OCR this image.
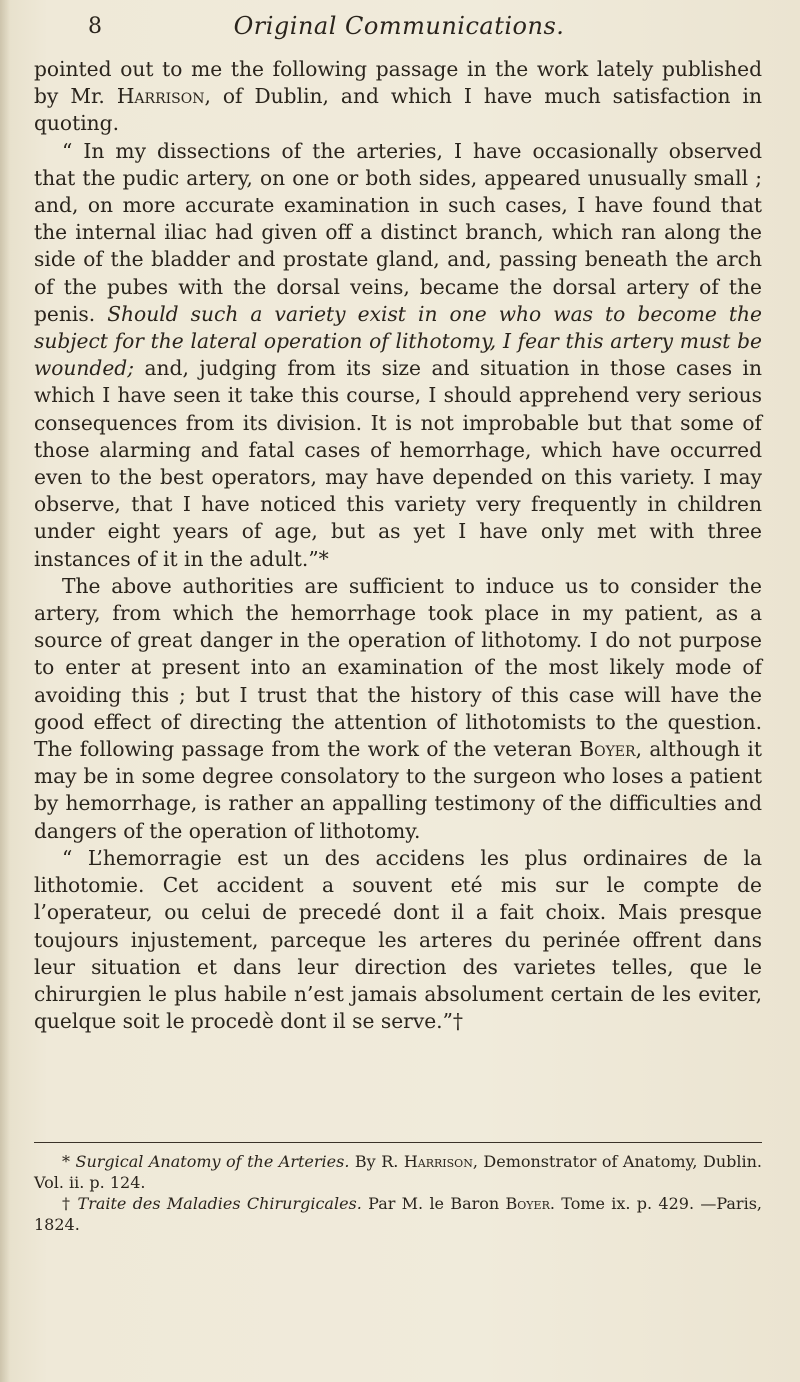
8	Original Communications.

pointed out to me the following passage in the work lately published by Mr. Harrison, of Dublin, and which I have much satisfaction in quoting.

“ In my dissections of the arteries, I have occasionally observed that the pudic artery, on one or both sides, appeared unusually small ; and, on more accurate examination in such cases, I have found that the internal iliac had given off a distinct branch, which ran along the side of the bladder and prostate gland, and, passing beneath the arch of the pubes with the dorsal veins, became the dorsal artery of the penis. Should such a variety exist in one who was to become the subject for the lateral operation of lithotomy, I fear this artery must be wounded; and, judging from its size and situation in those cases in which I have seen it take this course, I should apprehend very serious consequences from its division. It is not improbable but that some of those alarming and fatal cases of hemorrhage, which have occurred even to the best operators, may have depended on this variety. I may observe, that I have noticed this variety very frequently in children under eight years of age, but as yet I have only met with three instances of it in the adult.”*

The above authorities are sufficient to induce us to consider the artery, from which the hemorrhage took place in my patient, as a source of great danger in the operation of lithotomy. I do not purpose to enter at present into an examination of the most likely mode of avoiding this ; but I trust that the history of this case will have the good effect of directing the attention of lithotomists to the question. The following passage from the work of the veteran Boyer, although it may be in some degree consolatory to the surgeon who loses a patient by hemorrhage, is rather an appalling testimony of the difficulties and dangers of the operation of lithotomy.

“ L’hemorragie est un des accidens les plus ordinaires de la lithotomie. Cet accident a souvent eté mis sur le compte de l’operateur, ou celui de precedé dont il a fait choix. Mais presque toujours injustement, parceque les arteres du perinée offrent dans leur situation et dans leur direction des varietes telles, que le chirurgien le plus habile n’est jamais absolument certain de les eviter, quelque soit le procedè dont il se serve.”†

* Surgical Anatomy of the Arteries. By R. Harrison, Demonstrator of Anatomy, Dublin. Vol. ii. p. 124.

† Traite des Maladies Chirurgicales. Par M. le Baron Boyer. Tome ix. p. 429. —Paris, 1824.
